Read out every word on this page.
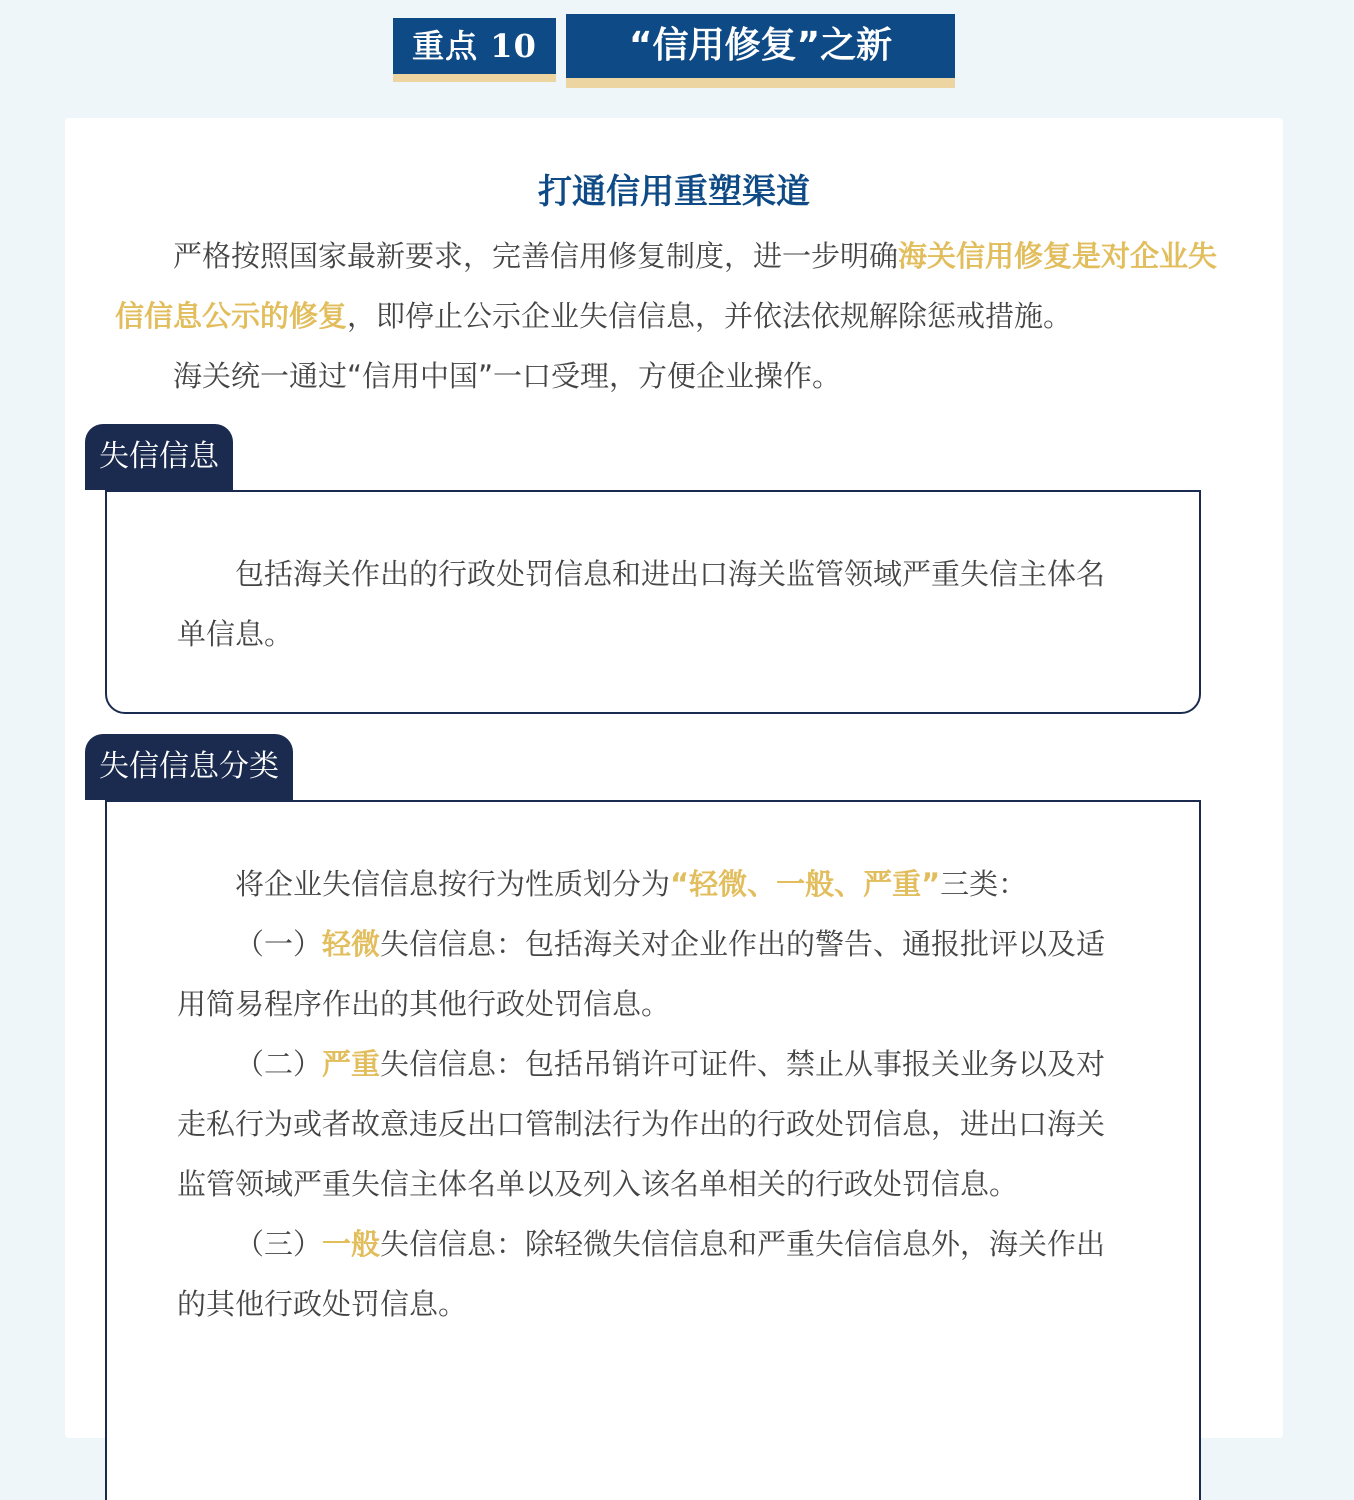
重点 10	“信用修复”之新
打通信用重塑渠道

严格按照国家最新要求，完善信用修复制度，进一步明确海关信用修复是对企业失信信息公示的修复，即停止公示企业失信信息，并依法依规解除惩戒措施。

海关统一通过“信用中国”一口受理，方便企业操作。

失信信息

包括海关作出的行政处罚信息和进出口海关监管领域严重失信主体名单信息。

失信信息分类

将企业失信信息按行为性质划分为“轻微、一般、严重”三类：

（一）轻微失信信息：包括海关对企业作出的警告、通报批评以及适用简易程序作出的其他行政处罚信息。

（二）严重失信信息：包括吊销许可证件、禁止从事报关业务以及对走私行为或者故意违反出口管制法行为作出的行政处罚信息，进出口海关监管领域严重失信主体名单以及列入该名单相关的行政处罚信息。

（三）一般失信信息：除轻微失信信息和严重失信信息外，海关作出的其他行政处罚信息。
